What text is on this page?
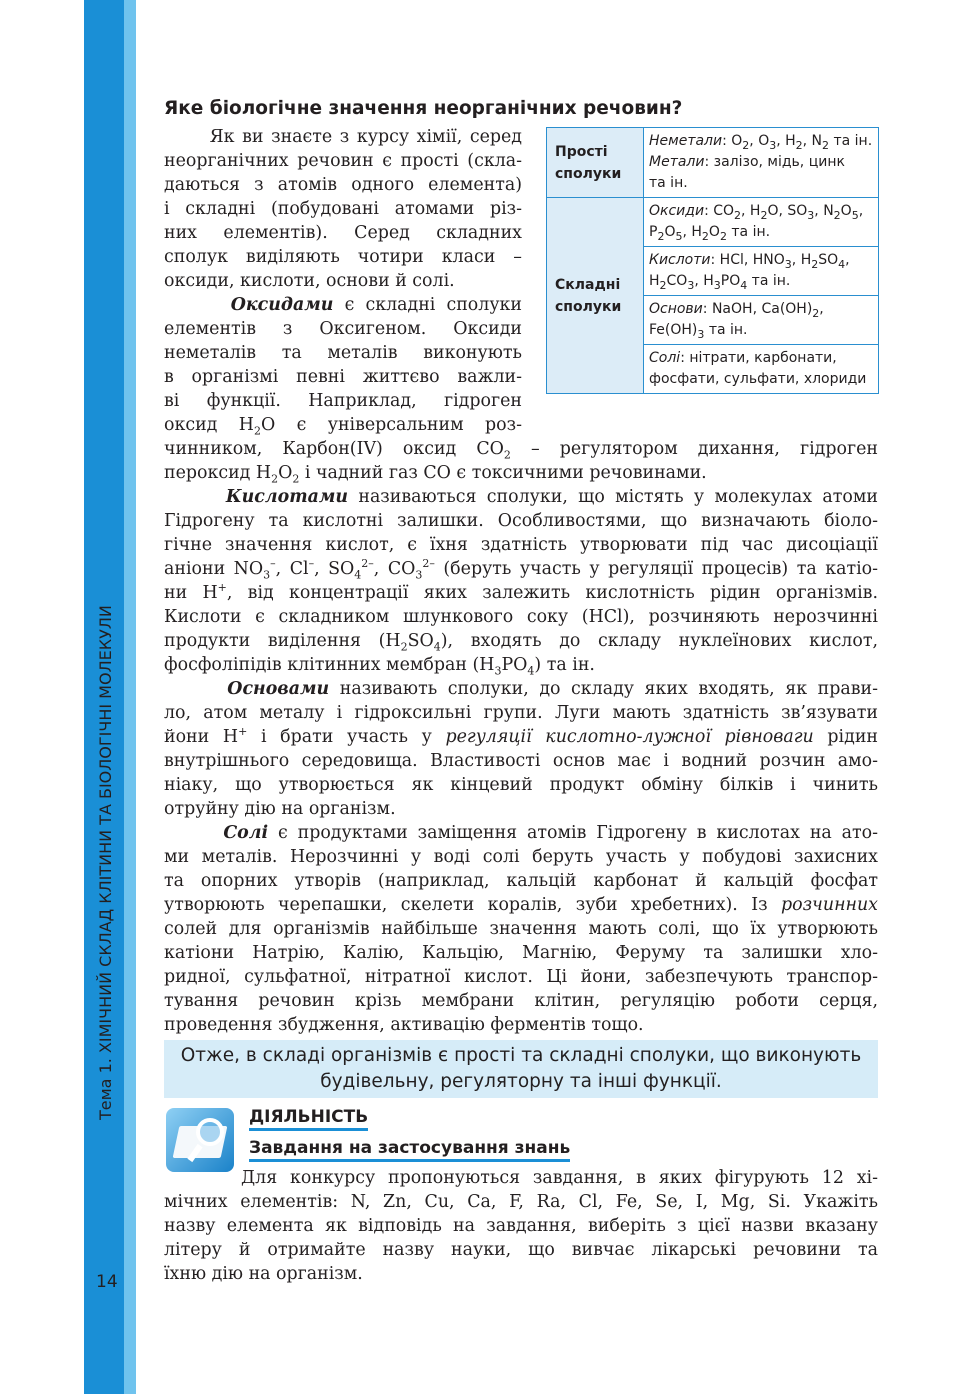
Тема 1. ХІМІЧНИЙ СКЛАД КЛІТИНИ ТА БІОЛОГІЧНІ МОЛЕКУЛИ
14
Яке біологічне значення неорганічних речовин?
Як ви знаєте з курсу хімії, серед
неорганічних речовин є прості (скла-
даються з атомів одного елемента)
і складні (побудовані атомами різ-
них елементів). Серед складних
сполук виділяють чотири класи –
оксиди, кислоти, основи й солі.
Оксидами є складні сполуки
елементів з Оксигеном. Оксиди
неметалів та металів виконують
в організмі певні життєво важли-
ві функції. Наприклад, гідроген
оксид $H_2O$ є універсальним роз-
чинником, Карбон(IV) оксид $CO_2$ – регулятором дихання, гідроген
пероксид $H_2O_2$ і чадний газ CO є токсичними речовинами.
Прості
сполуки	Неметали: $O_2$, $O_3$, $H_2$, $N_2$ та ін.
Метали: залізо, мідь, цинк
та ін.
Складні
сполуки	Оксиди: $CO_2$, $H_2O$, $SO_3$, $N_2O_5$,
$P_2O_5$, $H_2O_2$ та ін.
	Кислоти: HCl, $HNO_3$, $H_2SO_4$,
$H_2CO_3$, $H_3PO_4$ та ін.
	Основи: NaOH, $Ca(OH)_2$,
$Fe(OH)_3$ та ін.
	Солі: нітрати, карбонати,
фосфати, сульфати, хлориди
Кислотами називаються сполуки, що містять у молекулах атоми
Гідрогену та кислотні залишки. Особливостями, що визначають біоло-
гічне значення кислот, є їхня здатність утворювати під час дисоціації
аніони $NO_3^-$, Cl–, $SO_4^{2-}$, $CO_3^{2-}$ (беруть участь у регуляції процесів) та катіо-
ни H+, від концентрації яких залежить кислотність рідин організмів.
Кислоти є складником шлункового соку (HCl), розчиняють нерозчинні
продукти виділення $(H_2SO_4)$, входять до складу нуклеїнових кислот,
фосфоліпідів клітинних мембран $(H_3PO_4)$ та ін.
Основами називають сполуки, до складу яких входять, як прави-
ло, атом металу і гідроксильні групи. Луги мають здатність зв’язувати
йони H+ і брати участь у регуляції кислотно-лужної рівноваги рідин
внутрішнього середовища. Властивості основ має і водний розчин амо-
ніаку, що утворюється як кінцевий продукт обміну білків і чинить
отруйну дію на організм.
Солі є продуктами заміщення атомів Гідрогену в кислотах на ато-
ми металів. Нерозчинні у воді солі беруть участь у побудові захисних
та опорних утворів (наприклад, кальцій карбонат й кальцій фосфат
утворюють черепашки, скелети коралів, зуби хребетних). Із розчинних
солей для організмів найбільше значення мають солі, що їх утворюють
катіони Натрію, Калію, Кальцію, Магнію, Феруму та залишки хло-
ридної, сульфатної, нітратної кислот. Ці йони, забезпечують транспор-
тування речовин крізь мембрани клітин, регуляцію роботи серця,
проведення збудження, активацію ферментів тощо.
Отже, в складі організмів є прості та складні сполуки, що виконують
будівельну, регуляторну та інші функції.
ДІЯЛЬНІСТЬ
Завдання на застосування знань
Для конкурсу пропонуються завдання, в яких фігурують 12 хі-
мічних елементів: N, Zn, Cu, Ca, F, Ra, Cl, Fe, Se, I, Mg, Si. Укажіть
назву елемента як відповідь на завдання, виберіть з цієї назви вказану
літеру й отримайте назву науки, що вивчає лікарські речовини та
їхню дію на організм.
